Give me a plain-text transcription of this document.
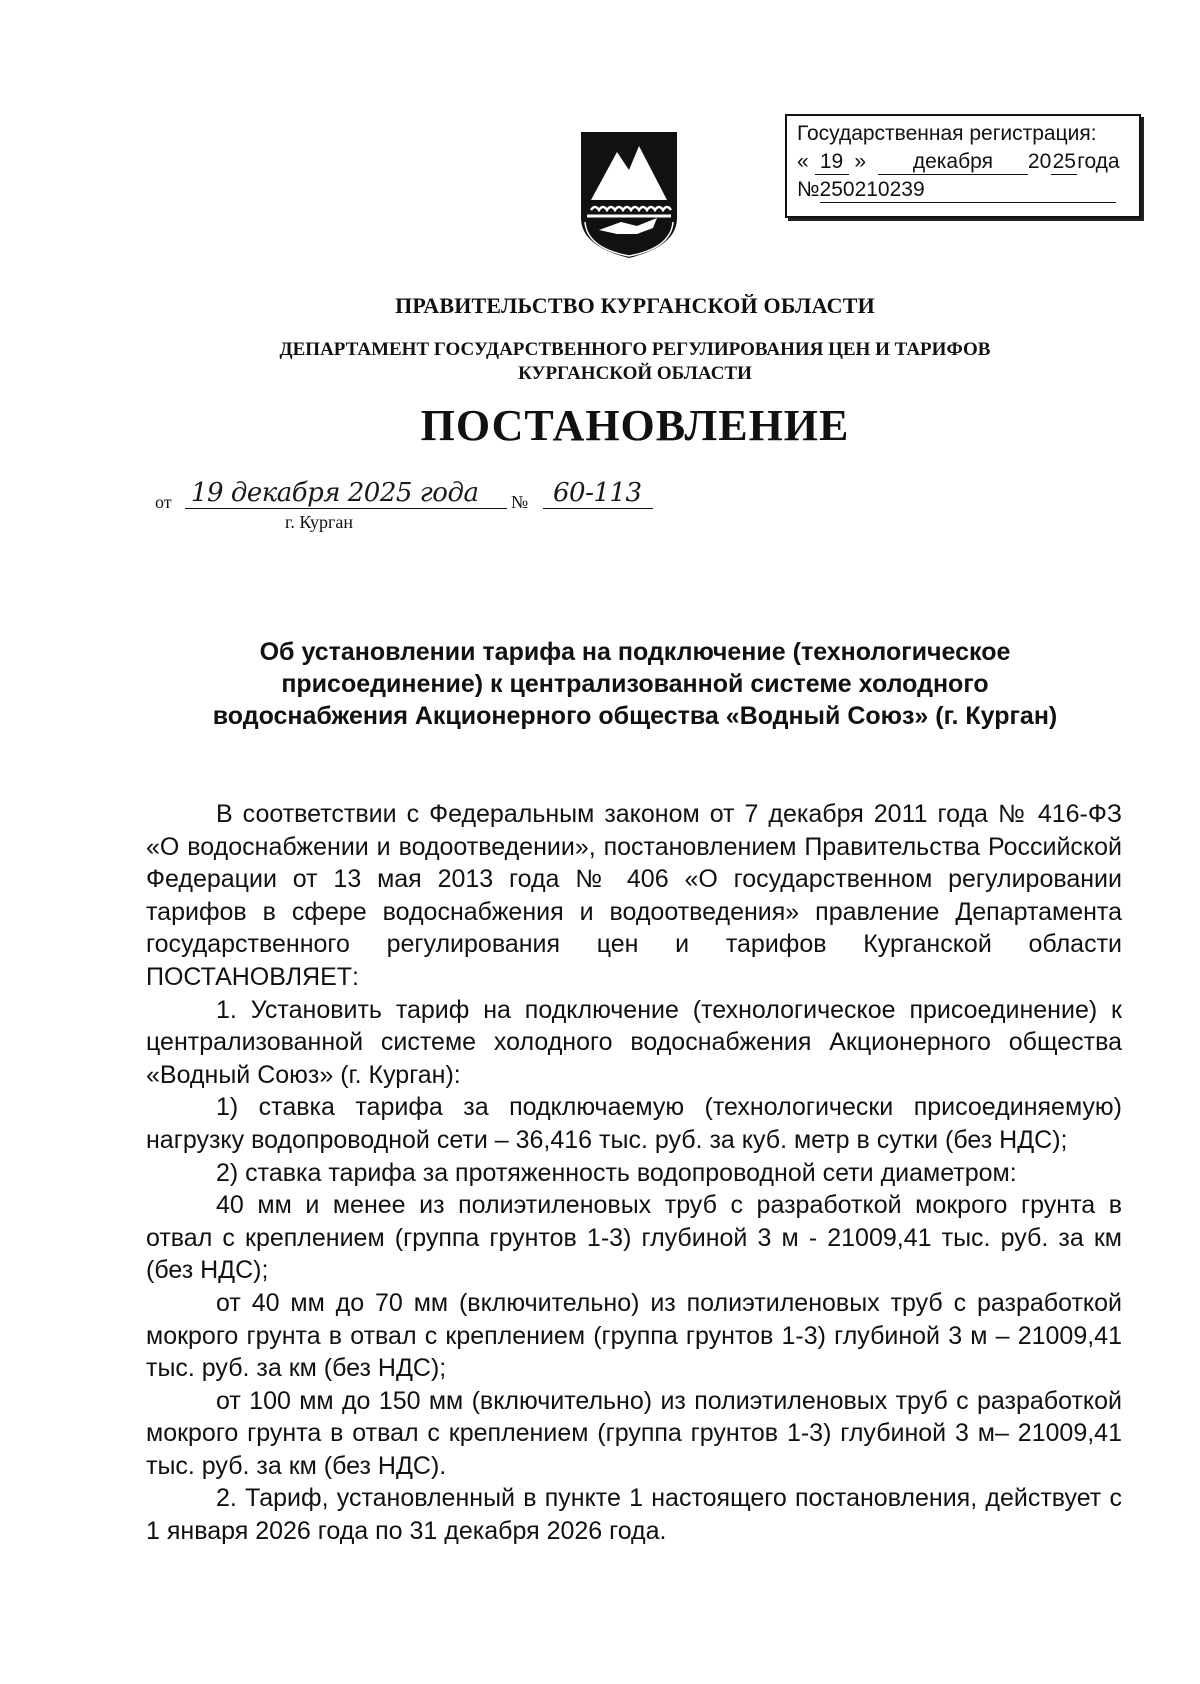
Государственная регистрация:
« 19 » декабря 2025года
№250210239
ПРАВИТЕЛЬСТВО КУРГАНСКОЙ ОБЛАСТИ
ДЕПАРТАМЕНТ ГОСУДАРСТВЕННОГО РЕГУЛИРОВАНИЯ ЦЕН И ТАРИФОВ
КУРГАНСКОЙ ОБЛАСТИ
ПОСТАНОВЛЕНИЕ
от 19 декабря 2025 года	№ 60-113
г. Курган
Об установлении тарифа на подключение (технологическое
присоединение) к централизованной системе холодного
водоснабжения Акционерного общества «Водный Союз» (г. Курган)

В соответствии с Федеральным законом от 7 декабря 2011 года № 416-ФЗ «О водоснабжении и водоотведении», постановлением Правительства Российской Федерации от 13 мая 2013 года № 406 «О государственном регулировании тарифов в сфере водоснабжения и водоотведения» правление Департамента государственного регулирования цен и тарифов Курганской области ПОСТАНОВЛЯЕТ:

1. Установить тариф на подключение (технологическое присоединение) к централизованной системе холодного водоснабжения Акционерного общества «Водный Союз» (г. Курган):

1) ставка тарифа за подключаемую (технологически присоединяемую) нагрузку водопроводной сети – 36,416 тыс. руб. за куб. метр в сутки (без НДС);

2) ставка тарифа за протяженность водопроводной сети диаметром:

40 мм и менее из полиэтиленовых труб с разработкой мокрого грунта в отвал с креплением (группа грунтов 1-3) глубиной 3 м - 21009,41 тыс. руб. за км (без НДС);

от 40 мм до 70 мм (включительно) из полиэтиленовых труб с разработкой мокрого грунта в отвал с креплением (группа грунтов 1-3) глубиной 3 м – 21009,41 тыс. руб. за км (без НДС);

от 100 мм до 150 мм (включительно) из полиэтиленовых труб с разработкой мокрого грунта в отвал с креплением (группа грунтов 1-3) глубиной 3 м– 21009,41 тыс. руб. за км (без НДС).

2. Тариф, установленный в пункте 1 настоящего постановления, действует с 1 января 2026 года по 31 декабря 2026 года.
